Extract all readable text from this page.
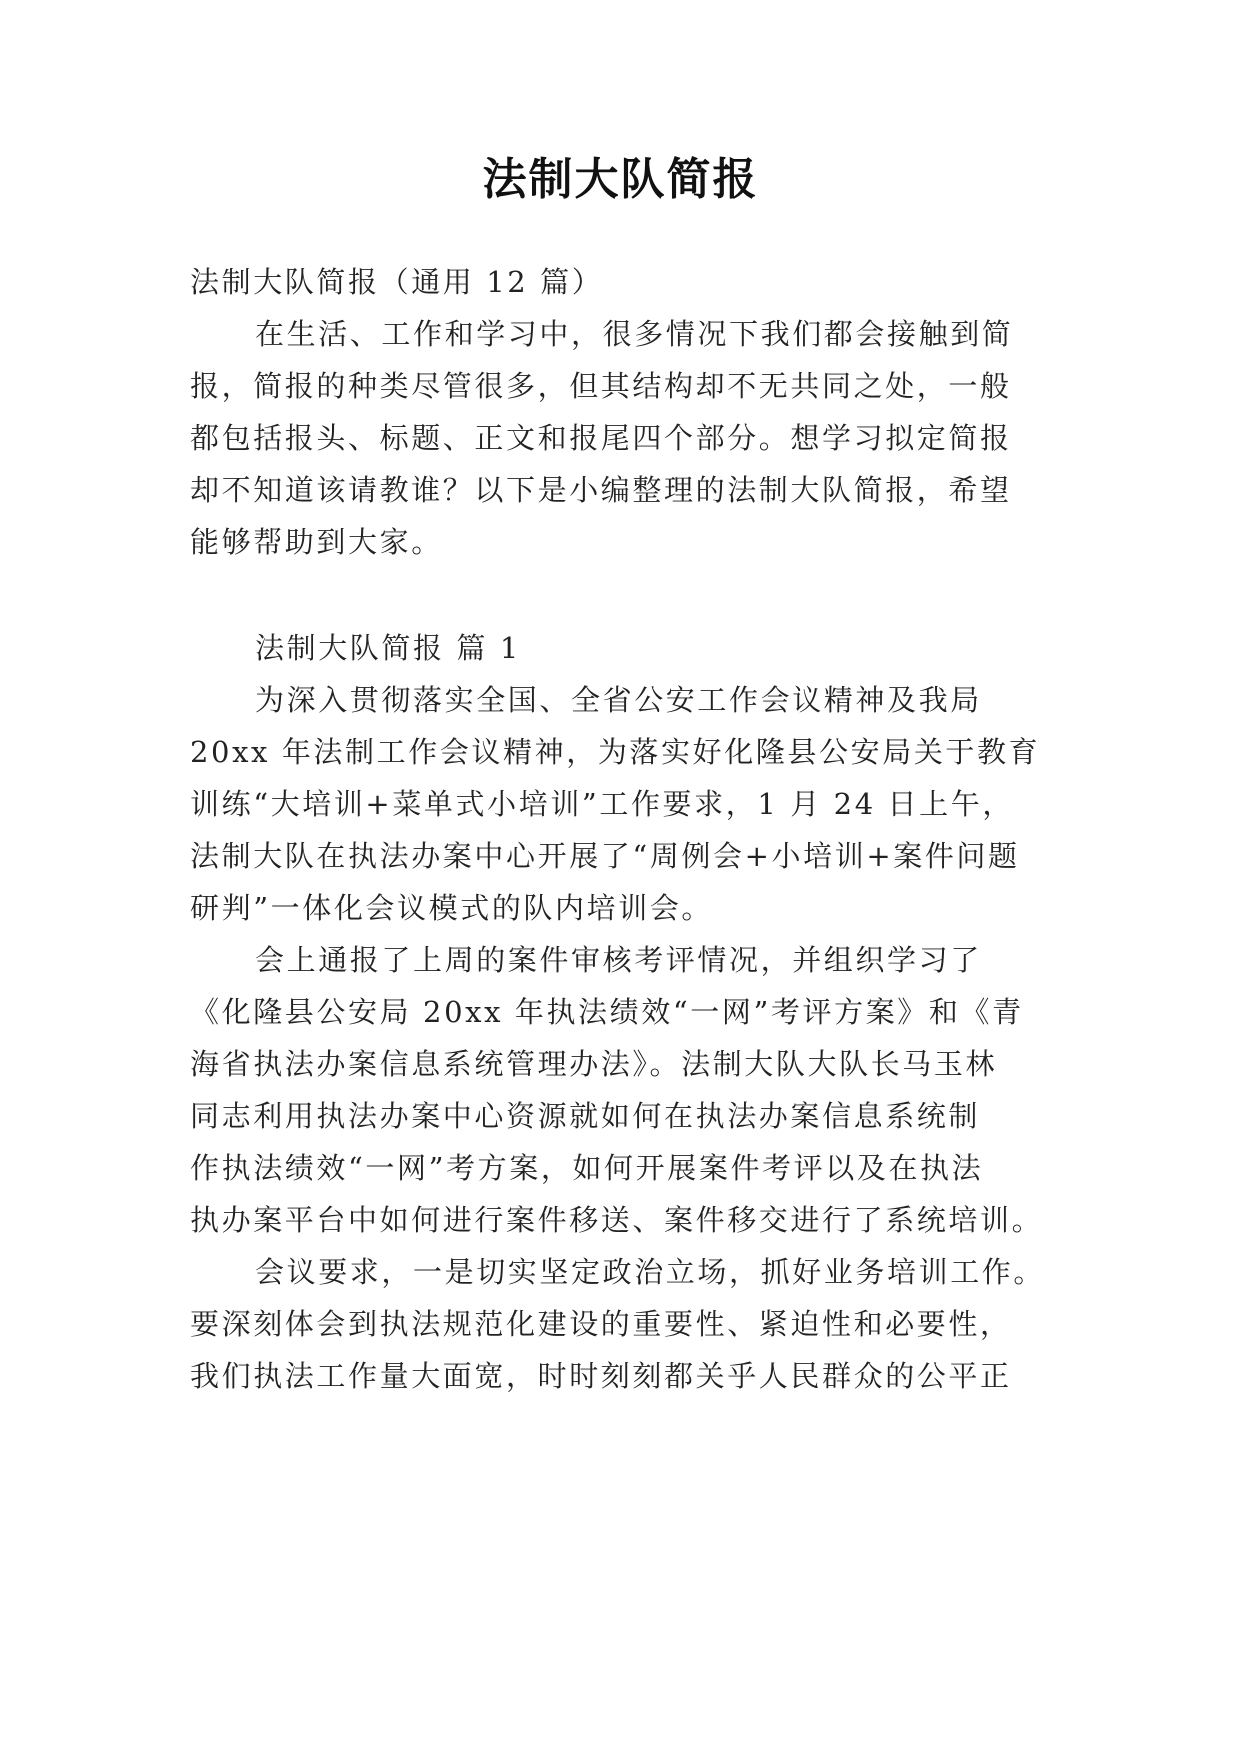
法制大队简报
法制大队简报（通用 12 篇）
在生活、工作和学习中，很多情况下我们都会接触到简
报，简报的种类尽管很多，但其结构却不无共同之处，一般
都包括报头、标题、正文和报尾四个部分。想学习拟定简报
却不知道该请教谁？以下是小编整理的法制大队简报，希望
能够帮助到大家。
法制大队简报 篇 1
为深入贯彻落实全国、全省公安工作会议精神及我局
20xx 年法制工作会议精神，为落实好化隆县公安局关于教育
训练“大培训+菜单式小培训”工作要求，1 月 24 日上午，
法制大队在执法办案中心开展了“周例会+小培训+案件问题
研判”一体化会议模式的队内培训会。
会上通报了上周的案件审核考评情况，并组织学习了
《化隆县公安局 20xx 年执法绩效“一网”考评方案》和《青
海省执法办案信息系统管理办法》。法制大队大队长马玉林
同志利用执法办案中心资源就如何在执法办案信息系统制
作执法绩效“一网”考方案，如何开展案件考评以及在执法
执办案平台中如何进行案件移送、案件移交进行了系统培训。
会议要求，一是切实坚定政治立场，抓好业务培训工作。
要深刻体会到执法规范化建设的重要性、紧迫性和必要性，
我们执法工作量大面宽，时时刻刻都关乎人民群众的公平正
